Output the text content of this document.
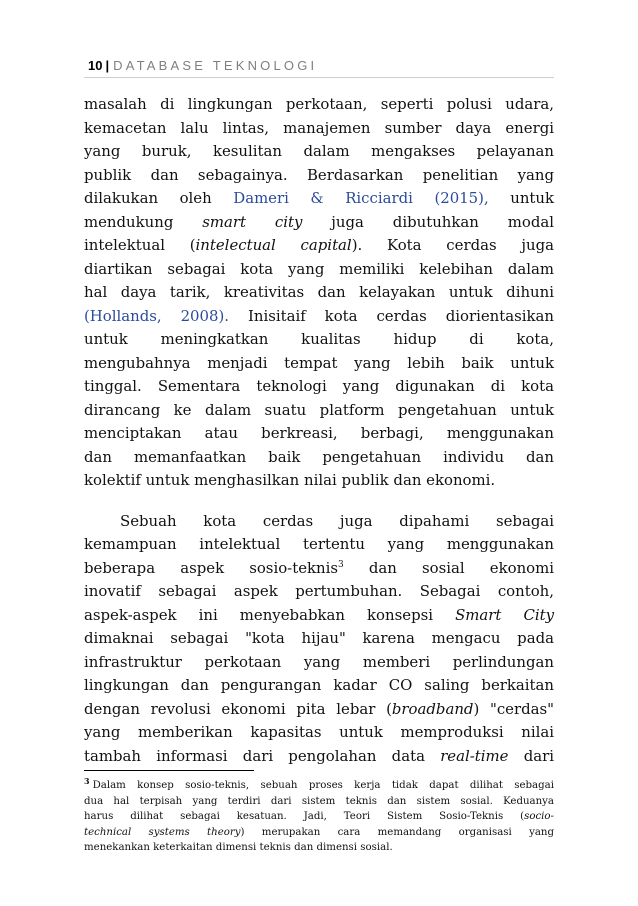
10 | DATABASE TEKNOLOGI
masalah di lingkungan perkotaan, seperti polusi udara,
kemacetan lalu lintas, manajemen sumber daya energi
yang buruk, kesulitan dalam mengakses pelayanan
publik dan sebagainya. Berdasarkan penelitian yang
dilakukan oleh Dameri & Ricciardi (2015), untuk
mendukung smart city juga dibutuhkan modal
intelektual (intelectual capital). Kota cerdas juga
diartikan sebagai kota yang memiliki kelebihan dalam
hal daya tarik, kreativitas dan kelayakan untuk dihuni
(Hollands, 2008). Inisitaif kota cerdas diorientasikan
untuk meningkatkan kualitas hidup di kota,
mengubahnya menjadi tempat yang lebih baik untuk
tinggal. Sementara teknologi yang digunakan di kota
dirancang ke dalam suatu platform pengetahuan untuk
menciptakan atau berkreasi, berbagi, menggunakan
dan memanfaatkan baik pengetahuan individu dan
kolektif untuk menghasilkan nilai publik dan ekonomi.
Sebuah kota cerdas juga dipahami sebagai
kemampuan intelektual tertentu yang menggunakan
beberapa aspek sosio-teknis$^3$ dan sosial ekonomi
inovatif sebagai aspek pertumbuhan. Sebagai contoh,
aspek-aspek ini menyebabkan konsepsi Smart City
dimaknai sebagai "kota hijau" karena mengacu pada
infrastruktur perkotaan yang memberi perlindungan
lingkungan dan pengurangan kadar CO saling berkaitan
dengan revolusi ekonomi pita lebar (broadband) "cerdas"
yang memberikan kapasitas untuk memproduksi nilai
tambah informasi dari pengolahan data real-time dari
$^3$ Dalam konsep sosio-teknis, sebuah proses kerja tidak dapat dilihat sebagai
dua hal terpisah yang terdiri dari sistem teknis dan sistem sosial. Keduanya
harus dilihat sebagai kesatuan. Jadi, Teori Sistem Sosio-Teknis (socio-
technical systems theory) merupakan cara memandang organisasi yang
menekankan keterkaitan dimensi teknis dan dimensi sosial.
